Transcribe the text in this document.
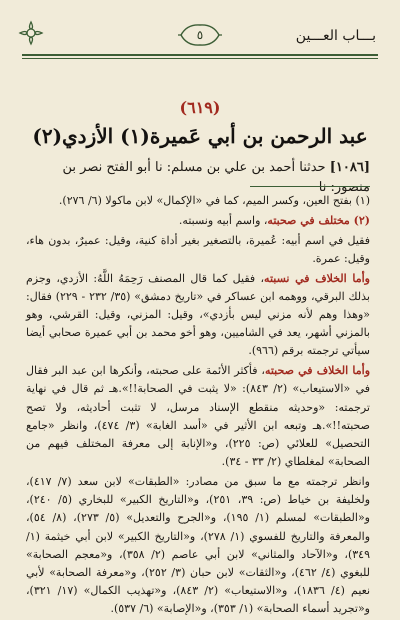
بـــاب العـــين
٥
(٦١٩)
عبد الرحمن بن أبي عَميرة(١) الأزدي(٢)
[١٠٨٦] حدثنا أحمد بن علي بن مسلم: نا أبو الفتح نصر بن منصور: نا

(١) بفتح العين، وكسر الميم، كما في «الإكمال» لابن ماكولا (٦/ ٢٧٦).

(٢) مختلف في صحبته، واسم أبيه ونسبته.

فقيل في اسم أبيه: عُميرة، بالتصغير بغير أداة كنية، وقيل: عميرٌ، بدون هاء، وقيل: عمرة.

وأما الخلاف في نسبته، فقيل كما قال المصنف رَحِمَهُ اللَّهُ: الأزدي، وجزم بذلك البرقي، ووهمه ابن عساكر في «تاريخ دمشق» (٣٥/ ٢٣٢ - ٢٢٩) فقال: «وهذا وهم لأنه مزني ليس بأزدي»، وقيل: المزني، وقيل: القرشي، وهو بالمزني أشهر، يعد في الشاميين، وهو أخو محمد بن أبي عميرة صحابي أيضا سيأتي ترجمته برقم (٩٦٦).

وأما الخلاف في صحبته، فأكثر الأئمة على صحبته، وأنكرها ابن عبد البر فقال في «الاستيعاب» (٢/ ٨٤٣): «لا يثبت في الصحابة!!».هـ ثم قال في نهاية ترجمته: «وحديثه منقطع الإسناد مرسل، لا تثبت أحاديثه، ولا تصح صحبته!!».هـ وتبعه ابن الأثير في «أسد الغابة» (٣/ ٤٧٤)، وانظر «جامع التحصيل» للعلائي (ص: ٢٢٥)، و«الإنابة إلى معرفة المختلف فيهم من الصحابة» لمغلطاي (٢/ ٣٣ - ٣٤).

وانظر ترجمته مع ما سبق من مصادر: «الطبقات» لابن سعد (٧/ ٤١٧)، ولخليفة بن خياط (ص: ٣٩، ٢٥١)، و«التاريخ الكبير» للبخاري (٥/ ٢٤٠)، و«الطبقات» لمسلم (١/ ١٩٥)، و«الجرح والتعديل» (٥/ ٢٧٣)، (٨/ ٥٤)، والمعرفة والتاريخ للفسوي (١/ ٢٧٨)، و«التاريخ الكبير» لابن أبي خيثمة (١/ ٣٤٩)، و«الآحاد والمثاني» لابن أبي عاصم (٢/ ٣٥٨)، و«معجم الصحابة» للبغوي (٤/ ٤٦٢)، و«الثقات» لابن حبان (٣/ ٢٥٢)، و«معرفة الصحابة» لأبي نعيم (٤/ ١٨٣٦)، و«الاستيعاب» (٢/ ٨٤٣)، و«تهذيب الكمال» (١٧/ ٣٢١)، و«تجريد أسماء الصحابة» (١/ ٣٥٣)، و«الإصابة» (٦/ ٥٣٧).
